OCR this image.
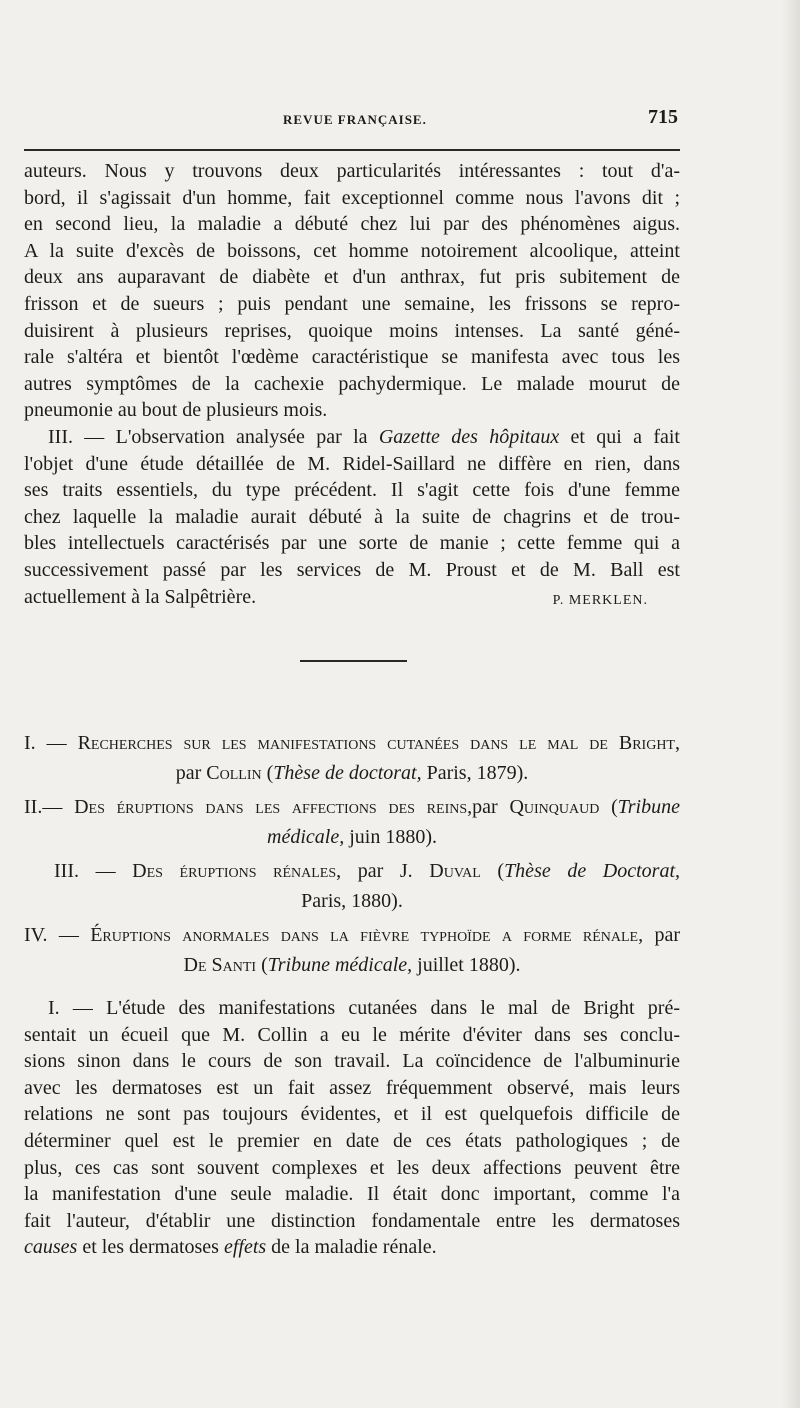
REVUE FRANÇAISE.	715
auteurs. Nous y trouvons deux particularités intéressantes : tout d'a-
bord, il s'agissait d'un homme, fait exceptionnel comme nous l'avons dit ;
en second lieu, la maladie a débuté chez lui par des phénomènes aigus.
A la suite d'excès de boissons, cet homme notoirement alcoolique, atteint
deux ans auparavant de diabète et d'un anthrax, fut pris subitement de
frisson et de sueurs ; puis pendant une semaine, les frissons se repro-
duisirent à plusieurs reprises, quoique moins intenses. La santé géné-
rale s'altéra et bientôt l'œdème caractéristique se manifesta avec tous les
autres symptômes de la cachexie pachydermique. Le malade mourut de
pneumonie au bout de plusieurs mois.
III. — L'observation analysée par la Gazette des hôpitaux et qui a fait
l'objet d'une étude détaillée de M. Ridel-Saillard ne diffère en rien, dans
ses traits essentiels, du type précédent. Il s'agit cette fois d'une femme
chez laquelle la maladie aurait débuté à la suite de chagrins et de trou-
bles intellectuels caractérisés par une sorte de manie ; cette femme qui a
successivement passé par les services de M. Proust et de M. Ball est
actuellement à la Salpêtrière.	P. MERKLEN.
I. — Recherches sur les manifestations cutanées dans le mal de Bright,
par Collin (Thèse de doctorat, Paris, 1879).
II.— Des éruptions dans les affections des reins,par Quinquaud (Tribune
médicale, juin 1880).
III. — Des éruptions rénales, par J. Duval (Thèse de Doctorat,
Paris, 1880).
IV. — Éruptions anormales dans la fièvre typhoïde a forme rénale, par
De Santi (Tribune médicale, juillet 1880).
I. — L'étude des manifestations cutanées dans le mal de Bright pré-
sentait un écueil que M. Collin a eu le mérite d'éviter dans ses conclu-
sions sinon dans le cours de son travail. La coïncidence de l'albuminurie
avec les dermatoses est un fait assez fréquemment observé, mais leurs
relations ne sont pas toujours évidentes, et il est quelquefois difficile de
déterminer quel est le premier en date de ces états pathologiques ; de
plus, ces cas sont souvent complexes et les deux affections peuvent être
la manifestation d'une seule maladie. Il était donc important, comme l'a
fait l'auteur, d'établir une distinction fondamentale entre les dermatoses
causes et les dermatoses effets de la maladie rénale.
